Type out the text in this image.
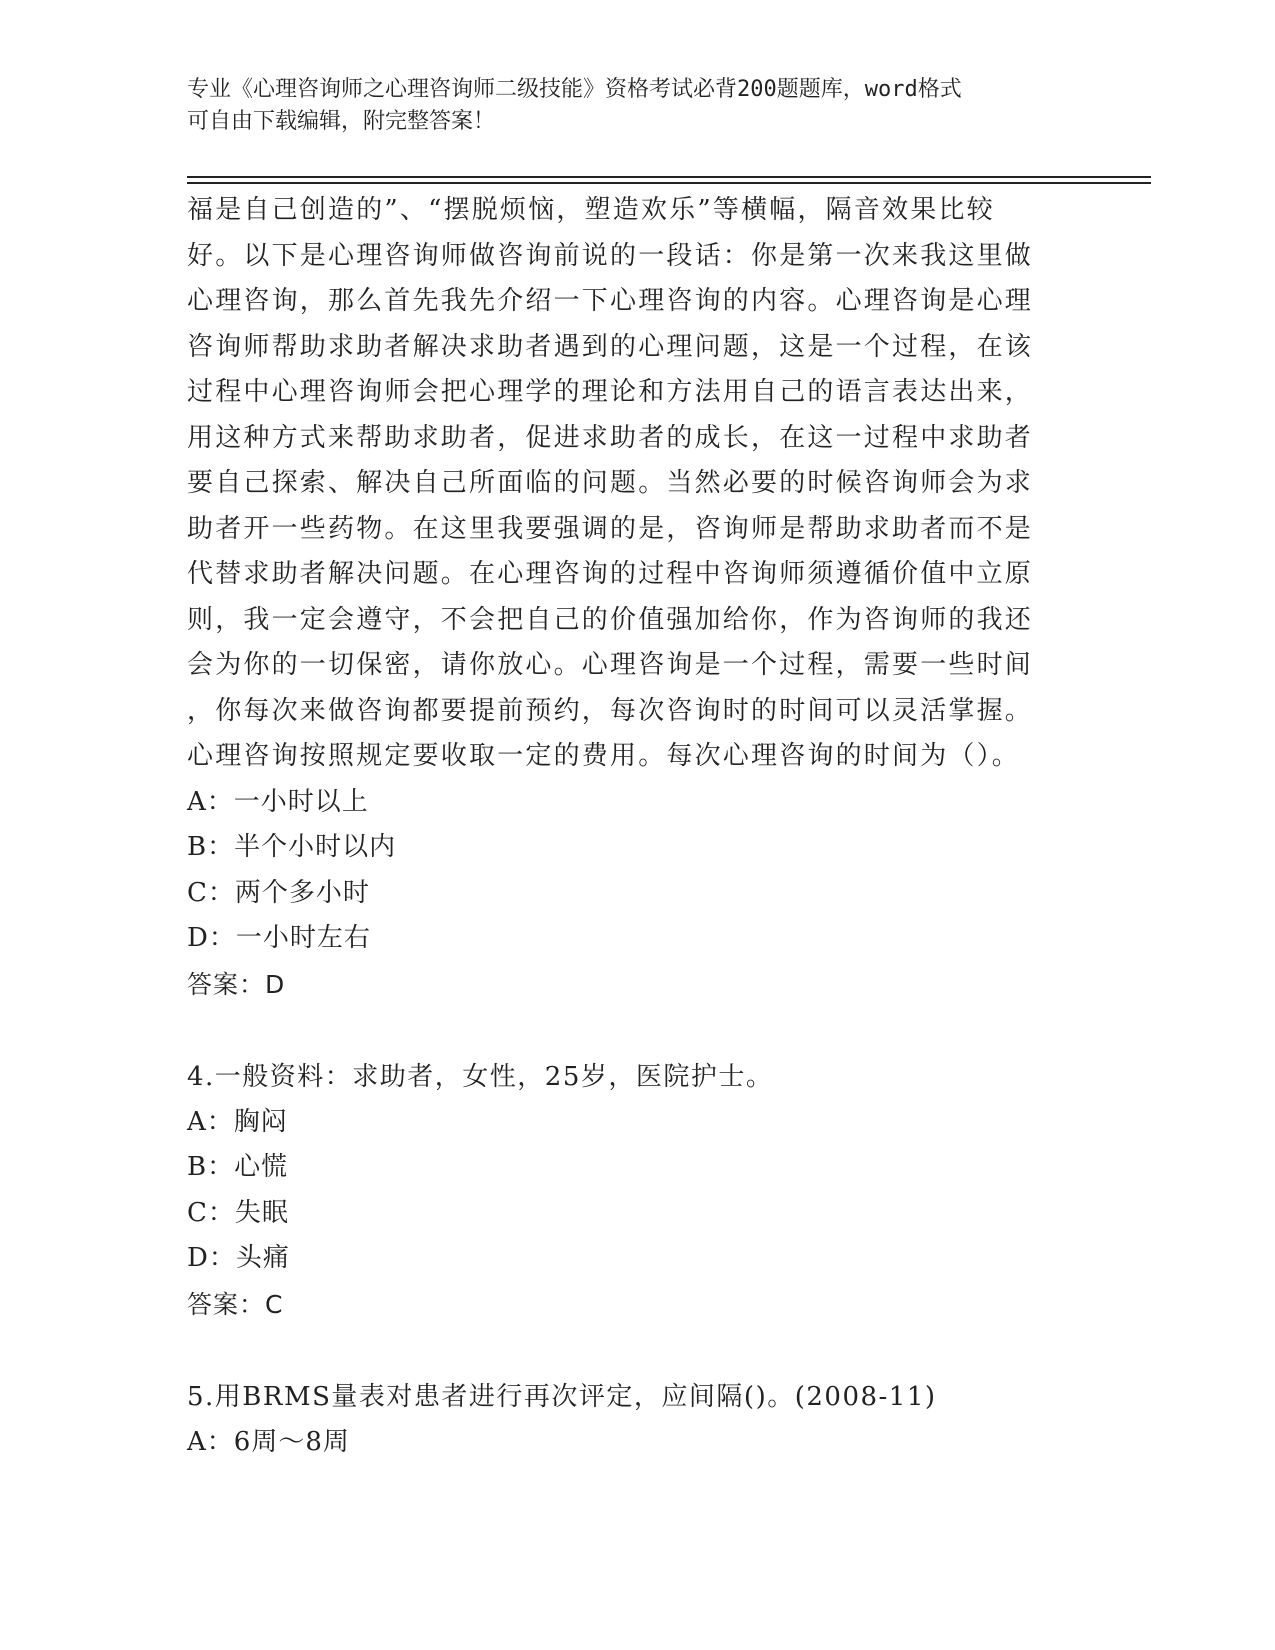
专业《心理咨询师之心理咨询师二级技能》资格考试必背200题题库，word格式
可自由下载编辑，附完整答案！
福是自己创造的”、“摆脱烦恼，塑造欢乐”等横幅，隔音效果比较
好。以下是心理咨询师做咨询前说的一段话：你是第一次来我这里做
心理咨询，那么首先我先介绍一下心理咨询的内容。心理咨询是心理
咨询师帮助求助者解决求助者遇到的心理问题，这是一个过程，在该
过程中心理咨询师会把心理学的理论和方法用自己的语言表达出来，
用这种方式来帮助求助者，促进求助者的成长，在这一过程中求助者
要自己探索、解决自己所面临的问题。当然必要的时候咨询师会为求
助者开一些药物。在这里我要强调的是，咨询师是帮助求助者而不是
代替求助者解决问题。在心理咨询的过程中咨询师须遵循价值中立原
则，我一定会遵守，不会把自己的价值强加给你，作为咨询师的我还
会为你的一切保密，请你放心。心理咨询是一个过程，需要一些时间
，你每次来做咨询都要提前预约，每次咨询时的时间可以灵活掌握。
心理咨询按照规定要收取一定的费用。每次心理咨询的时间为（）。
A：一小时以上
B：半个小时以内
C：两个多小时
D：一小时左右
答案：D
4.一般资料：求助者，女性，25岁，医院护士。
A：胸闷
B：心慌
C：失眠
D：头痛
答案：C
5.用BRMS量表对患者进行再次评定，应间隔()。(2008-11)
A：6周～8周
